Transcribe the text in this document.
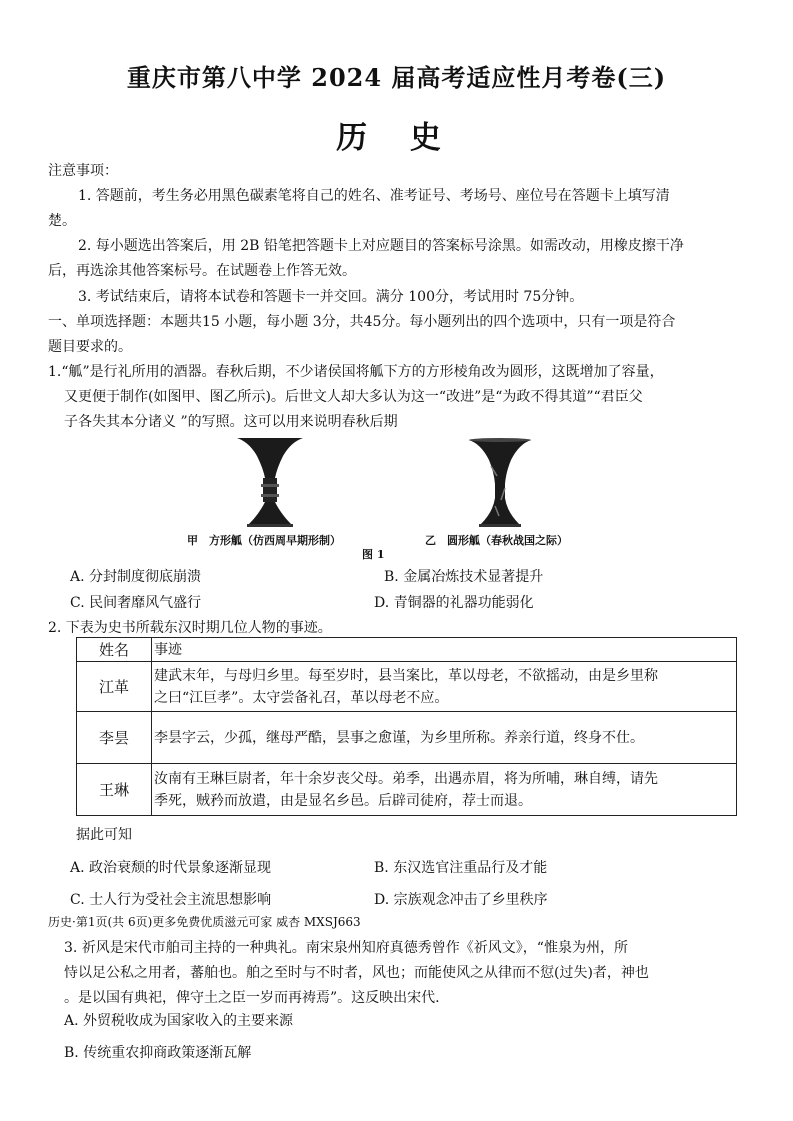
重庆市第八中学 2024 届高考适应性月考卷(三)
历 史
注意事项：
1. 答题前，考生务必用黑色碳素笔将自己的姓名、准考证号、考场号、座位号在答题卡上填写清
楚。
2. 每小题选出答案后，用 2B 铅笔把答题卡上对应题目的答案标号涂黑。如需改动，用橡皮擦干净
后，再选涂其他答案标号。在试题卷上作答无效。
3. 考试结束后，请将本试卷和答题卡一并交回。满分 100分，考试用时 75分钟。
一、单项选择题：本题共15 小题，每小题 3分，共45分。每小题列出的四个选项中，只有一项是符合
题目要求的。
1.“觚”是行礼所用的酒器。春秋后期，不少诸侯国将觚下方的方形棱角改为圆形，这既增加了容量，
又更便于制作(如图甲、图乙所示)。后世文人却大多认为这一“改进”是“为政不得其道”“君臣父
子各失其本分诸义 ”的写照。这可以用来说明春秋后期
甲　方形觚（仿西周早期形制）	乙　圆形觚（春秋战国之际）
图 1
A. 分封制度彻底崩溃	B. 金属冶炼技术显著提升
C. 民间奢靡风气盛行	D. 青铜器的礼器功能弱化
2. 下表为史书所载东汉时期几位人物的事迹。
姓名	事迹
江革	建武末年，与母归乡里。每至岁时，县当案比，革以母老，不欲摇动，由是乡里称
之曰“江巨孝”。太守尝备礼召，革以母老不应。

李昙	李昙字云，少孤，继母严酷，昙事之愈谨，为乡里所称。养亲行道，终身不仕。

王琳	汝南有王琳巨尉者，年十余岁丧父母。弟季，出遇赤眉，将为所哺，琳自缚，请先
季死，贼矜而放遣，由是显名乡邑。后辟司徒府，荐士而退。
据此可知
A. 政治衰颓的时代景象逐渐显现	B. 东汉选官注重品行及才能
C. 士人行为受社会主流思想影响	D. 宗族观念冲击了乡里秩序
历史·第1页(共 6页)更多免费优质滋元可家 威杏 MXSJ663
3. 祈风是宋代市舶司主持的一种典礼。南宋泉州知府真德秀曾作《祈风文》，“惟泉为州，所
恃以足公私之用者，蕃舶也。舶之至时与不时者，风也；而能使风之从律而不愆(过失)者，神也
。是以国有典祀，俾守土之臣一岁而再祷焉”。这反映出宋代.
A. 外贸税收成为国家收入的主要来源
B. 传统重农抑商政策逐渐瓦解
